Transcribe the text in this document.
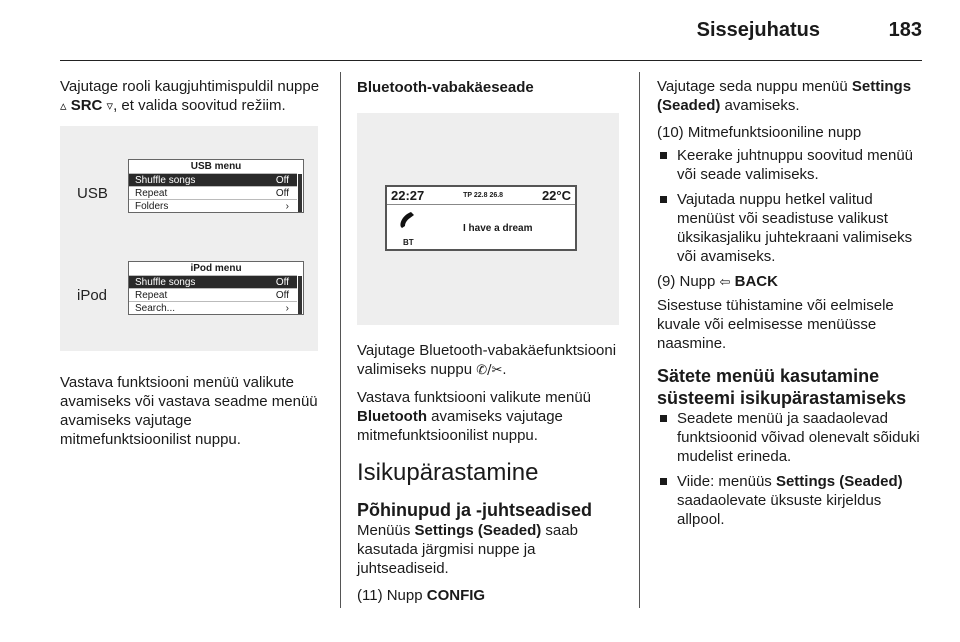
Sissejuhatus	183

Vajutage rooli kaugjuhtimispuldil nuppe ▵ SRC ▿, et valida soovitud režiim.

USB
USB menu
Shuffle songs	Off
Repeat	Off
Folders	›
iPod
iPod menu
Shuffle songs	Off
Repeat	Off
Search...	›

Vastava funktsiooni menüü valikute avamiseks või vastava seadme menüü avamiseks vajutage mitmefunktsioonilist nuppu.

Bluetooth-vabakäeseade
22:27	TP 22.8 26.8	22°C
I have a dream
BT

Vajutage Bluetooth-vabakäefunktsiooni valimiseks nuppu ✆/✂.

Vastava funktsiooni valikute menüü Bluetooth avamiseks vajutage mitmefunktsioonilist nuppu.

Isikupärastamine
Põhinupud ja -juhtseadised

Menüüs Settings (Seaded) saab kasutada järgmisi nuppe ja juhtseadiseid.

(11) Nupp CONFIG

Vajutage seda nuppu menüü Settings (Seaded) avamiseks.

(10) Mitmefunktsiooniline nupp

Keerake juhtnuppu soovitud menüü või seade valimiseks.
Vajutada nuppu hetkel valitud menüüst või seadistuse valikust üksikasjaliku juhtekraani valimiseks või avamiseks.

(9) Nupp ⇦ BACK

Sisestuse tühistamine või eelmisele kuvale või eelmisesse menüüsse naasmine.

Sätete menüü kasutamine süsteemi isikupärastamiseks
Seadete menüü ja saadaolevad funktsioonid võivad olenevalt sõiduki mudelist erineda.
Viide: menüüs Settings (Seaded) saadaolevate üksuste kirjeldus allpool.
